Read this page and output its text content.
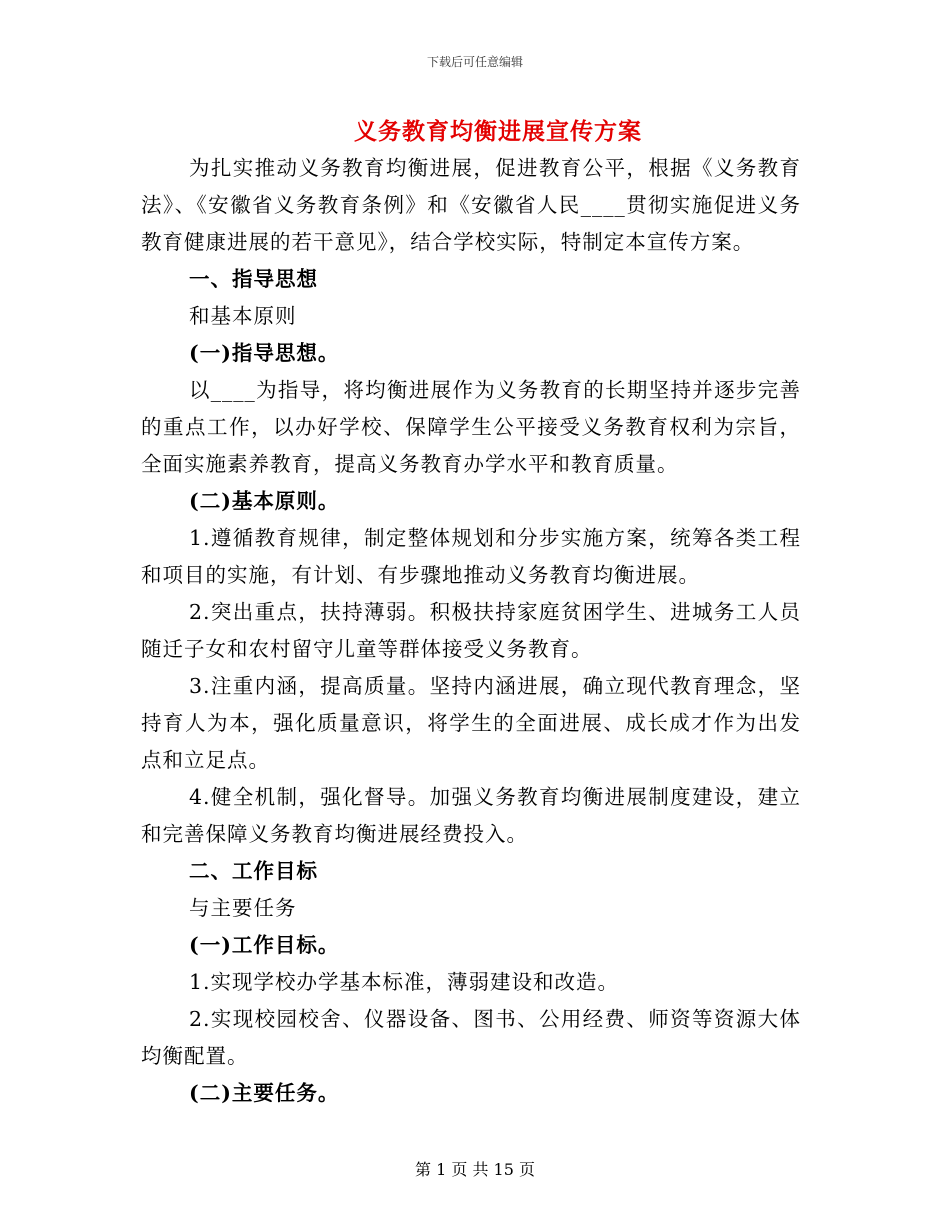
下载后可任意编辑
义务教育均衡进展宣传方案

为扎实推动义务教育均衡进展，促进教育公平，根据《义务教育法》、《安徽省义务教育条例》和《安徽省人民____贯彻实施促进义务教育健康进展的若干意见》，结合学校实际，特制定本宣传方案。

一、指导思想

和基本原则

(一)指导思想。

以____为指导，将均衡进展作为义务教育的长期坚持并逐步完善的重点工作，以办好学校、保障学生公平接受义务教育权利为宗旨，全面实施素养教育，提高义务教育办学水平和教育质量。

(二)基本原则。

1.遵循教育规律，制定整体规划和分步实施方案，统筹各类工程和项目的实施，有计划、有步骤地推动义务教育均衡进展。

2.突出重点，扶持薄弱。积极扶持家庭贫困学生、进城务工人员随迁子女和农村留守儿童等群体接受义务教育。

3.注重内涵，提高质量。坚持内涵进展，确立现代教育理念，坚持育人为本，强化质量意识，将学生的全面进展、成长成才作为出发点和立足点。

4.健全机制，强化督导。加强义务教育均衡进展制度建设，建立和完善保障义务教育均衡进展经费投入。

二、工作目标

与主要任务

(一)工作目标。

1.实现学校办学基本标准，薄弱建设和改造。

2.实现校园校舍、仪器设备、图书、公用经费、师资等资源大体均衡配置。

(二)主要任务。

第 1 页 共 15 页
